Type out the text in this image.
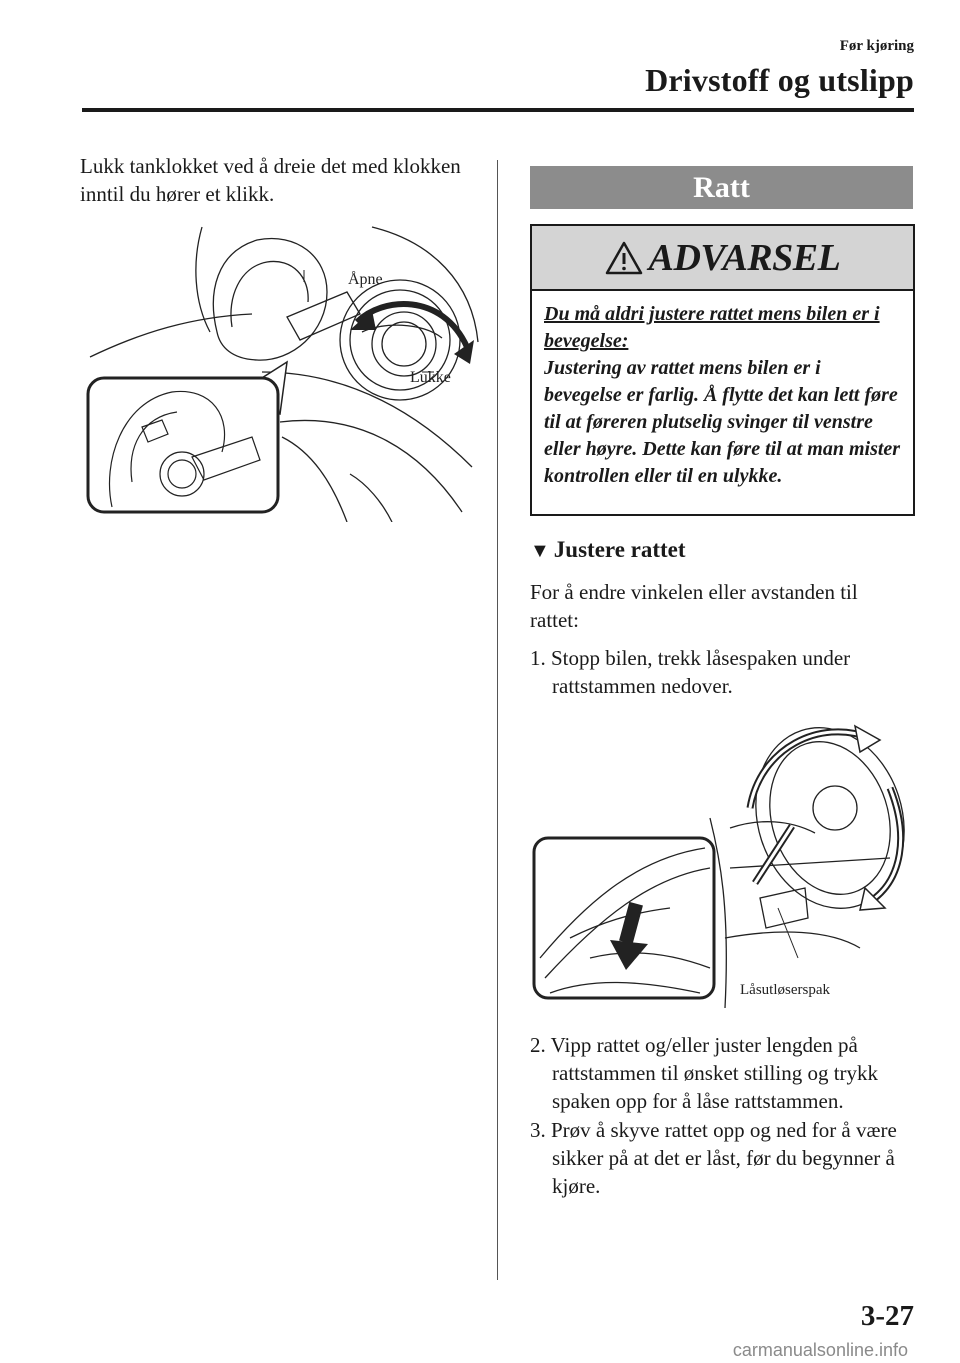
Før kjøring
Drivstoff og utslipp

Lukk tanklokket ved å dreie det med klokken inntil du hører et klikk.

Åpne
Lukke
Ratt
ADVARSEL
Du må aldri justere rattet mens bilen er i bevegelse:
Justering av rattet mens bilen er i bevegelse er farlig. Å flytte det kan lett føre til at føreren plutselig svinger til venstre eller høyre. Dette kan føre til at man mister kontrollen eller til en ulykke.
▼ Justere rattet

For å endre vinkelen eller avstanden til rattet:

1. Stopp bilen, trekk låsespaken under rattstammen nedover.

Låsutløserspak

2. Vipp rattet og/eller juster lengden på rattstammen til ønsket stilling og trykk spaken opp for å låse rattstammen.

3. Prøv å skyve rattet opp og ned for å være sikker på at det er låst, før du begynner å kjøre.

3-27
carmanualsonline.info
